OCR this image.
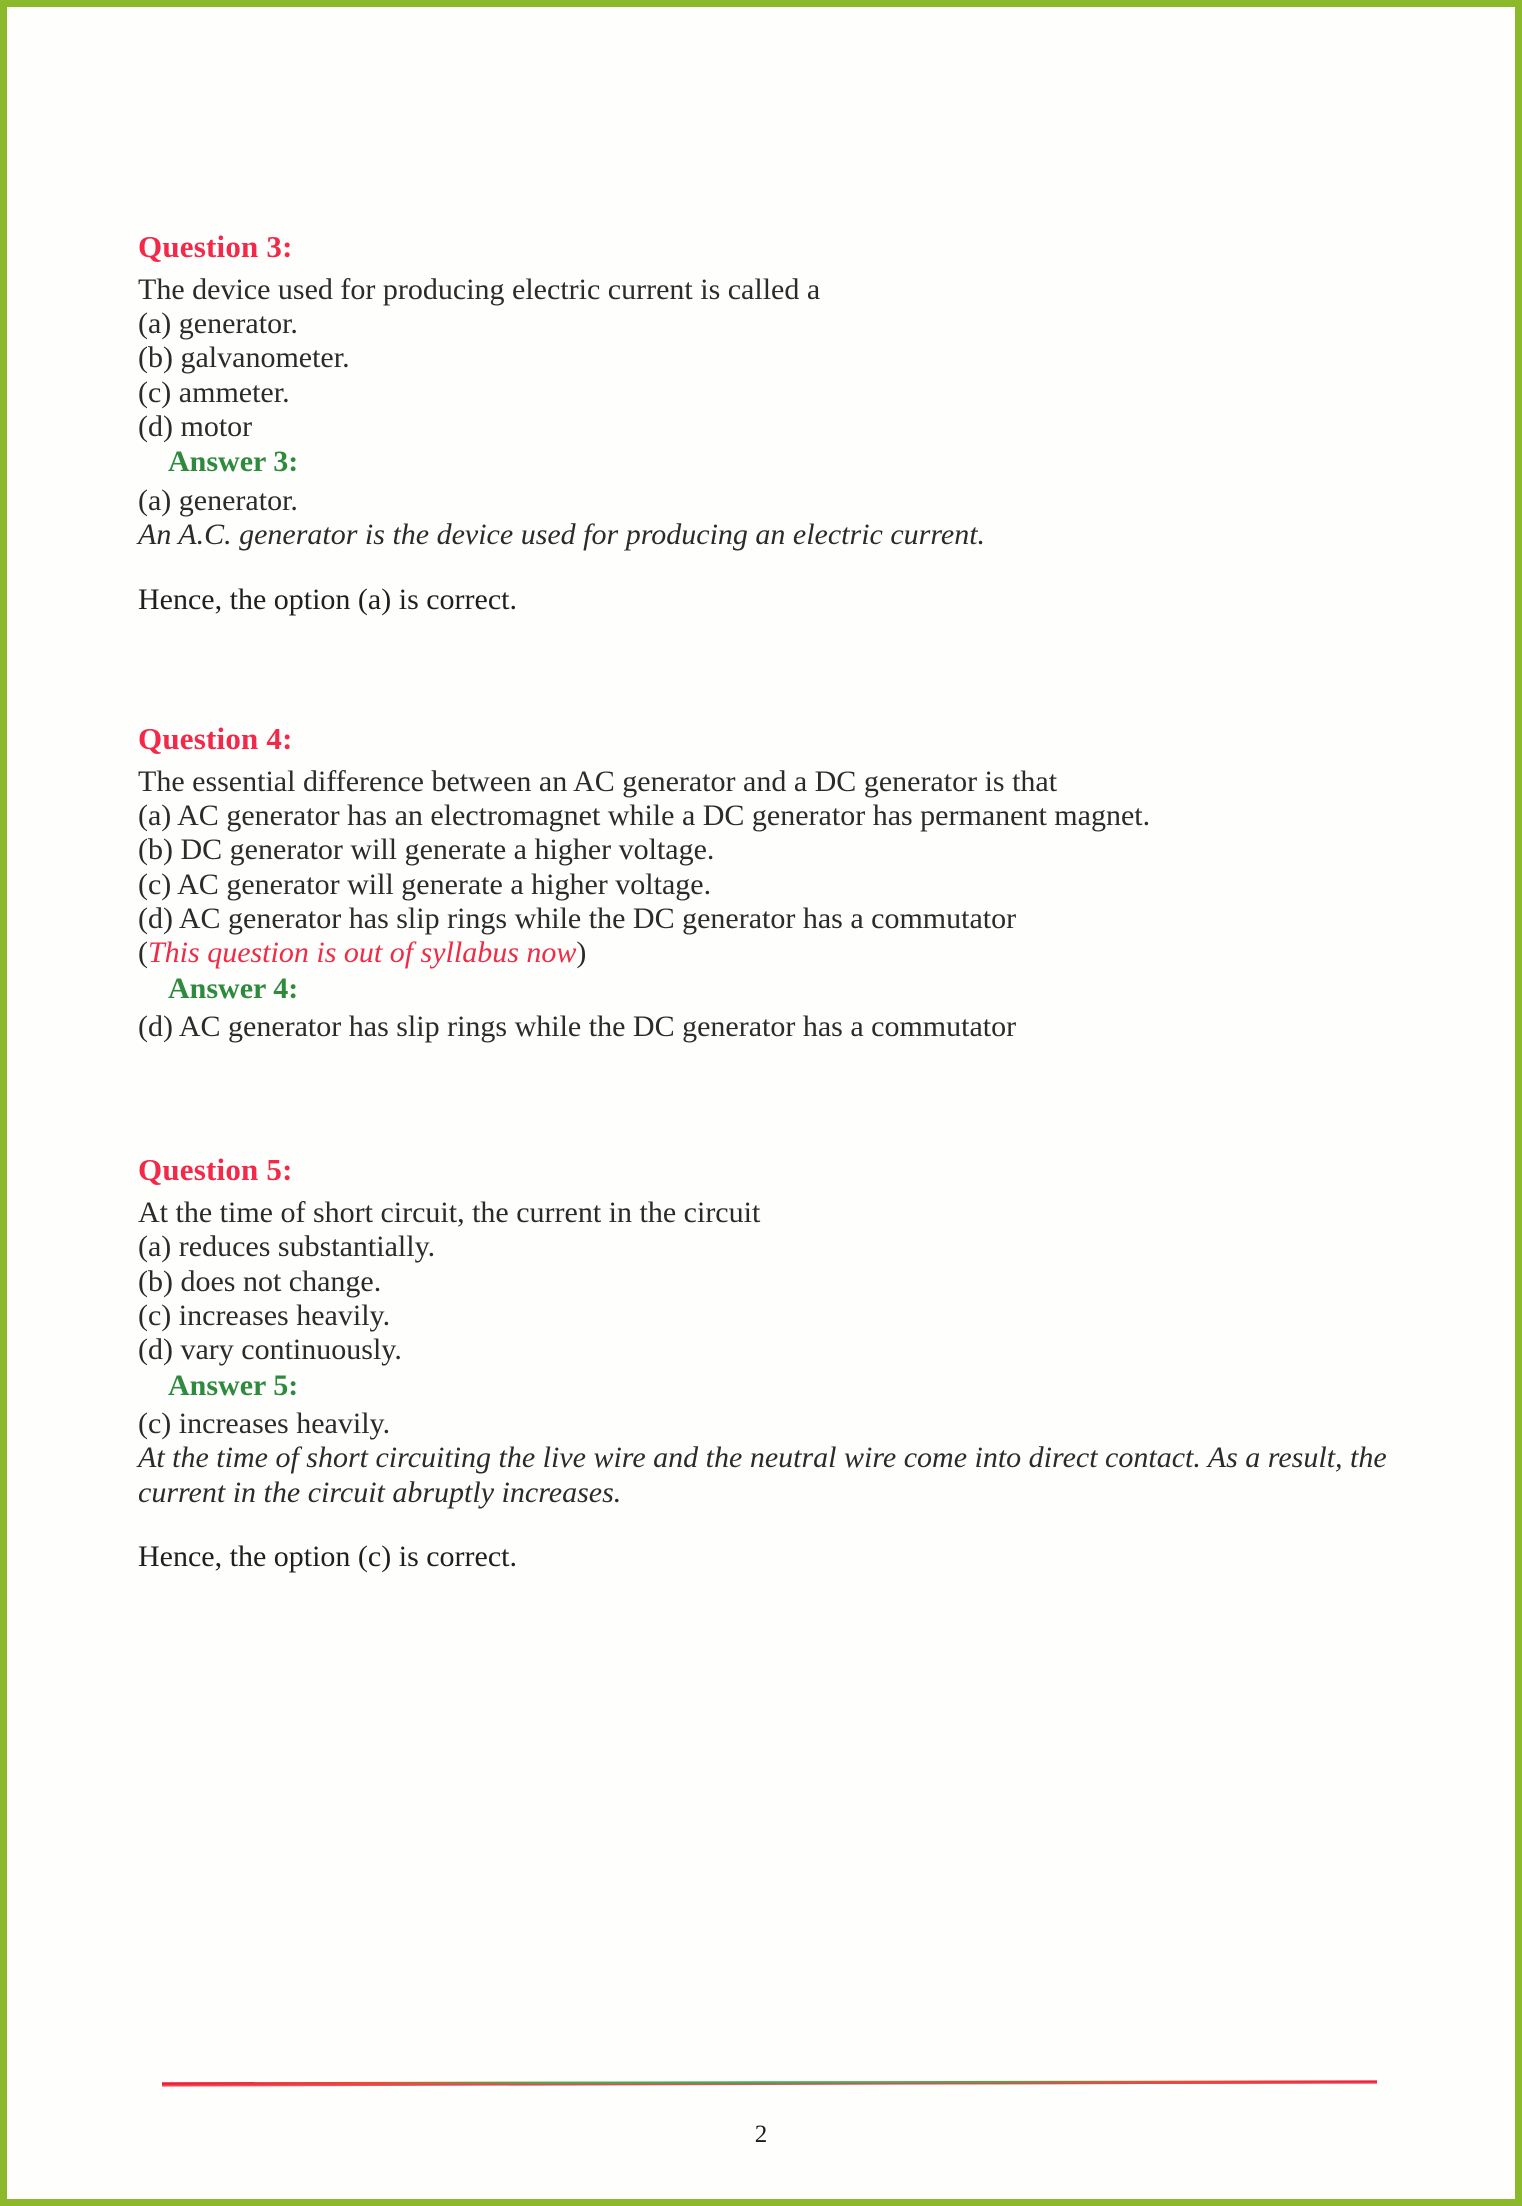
Question 3:

The device used for producing electric current is called a

(a) generator.

(b) galvanometer.

(c) ammeter.

(d) motor

Answer 3:

(a) generator.

An A.C. generator is the device used for producing an electric current.

Hence, the option (a) is correct.

Question 4:

The essential difference between an AC generator and a DC generator is that

(a) AC generator has an electromagnet while a DC generator has permanent magnet.

(b) DC generator will generate a higher voltage.

(c) AC generator will generate a higher voltage.

(d) AC generator has slip rings while the DC generator has a commutator

(This question is out of syllabus now)

Answer 4:

(d) AC generator has slip rings while the DC generator has a commutator

Question 5:

At the time of short circuit, the current in the circuit

(a) reduces substantially.

(b) does not change.

(c) increases heavily.

(d) vary continuously.

Answer 5:

(c) increases heavily.

At the time of short circuiting the live wire and the neutral wire come into direct contact. As a result, the current in the circuit abruptly increases.

Hence, the option (c) is correct.

2
